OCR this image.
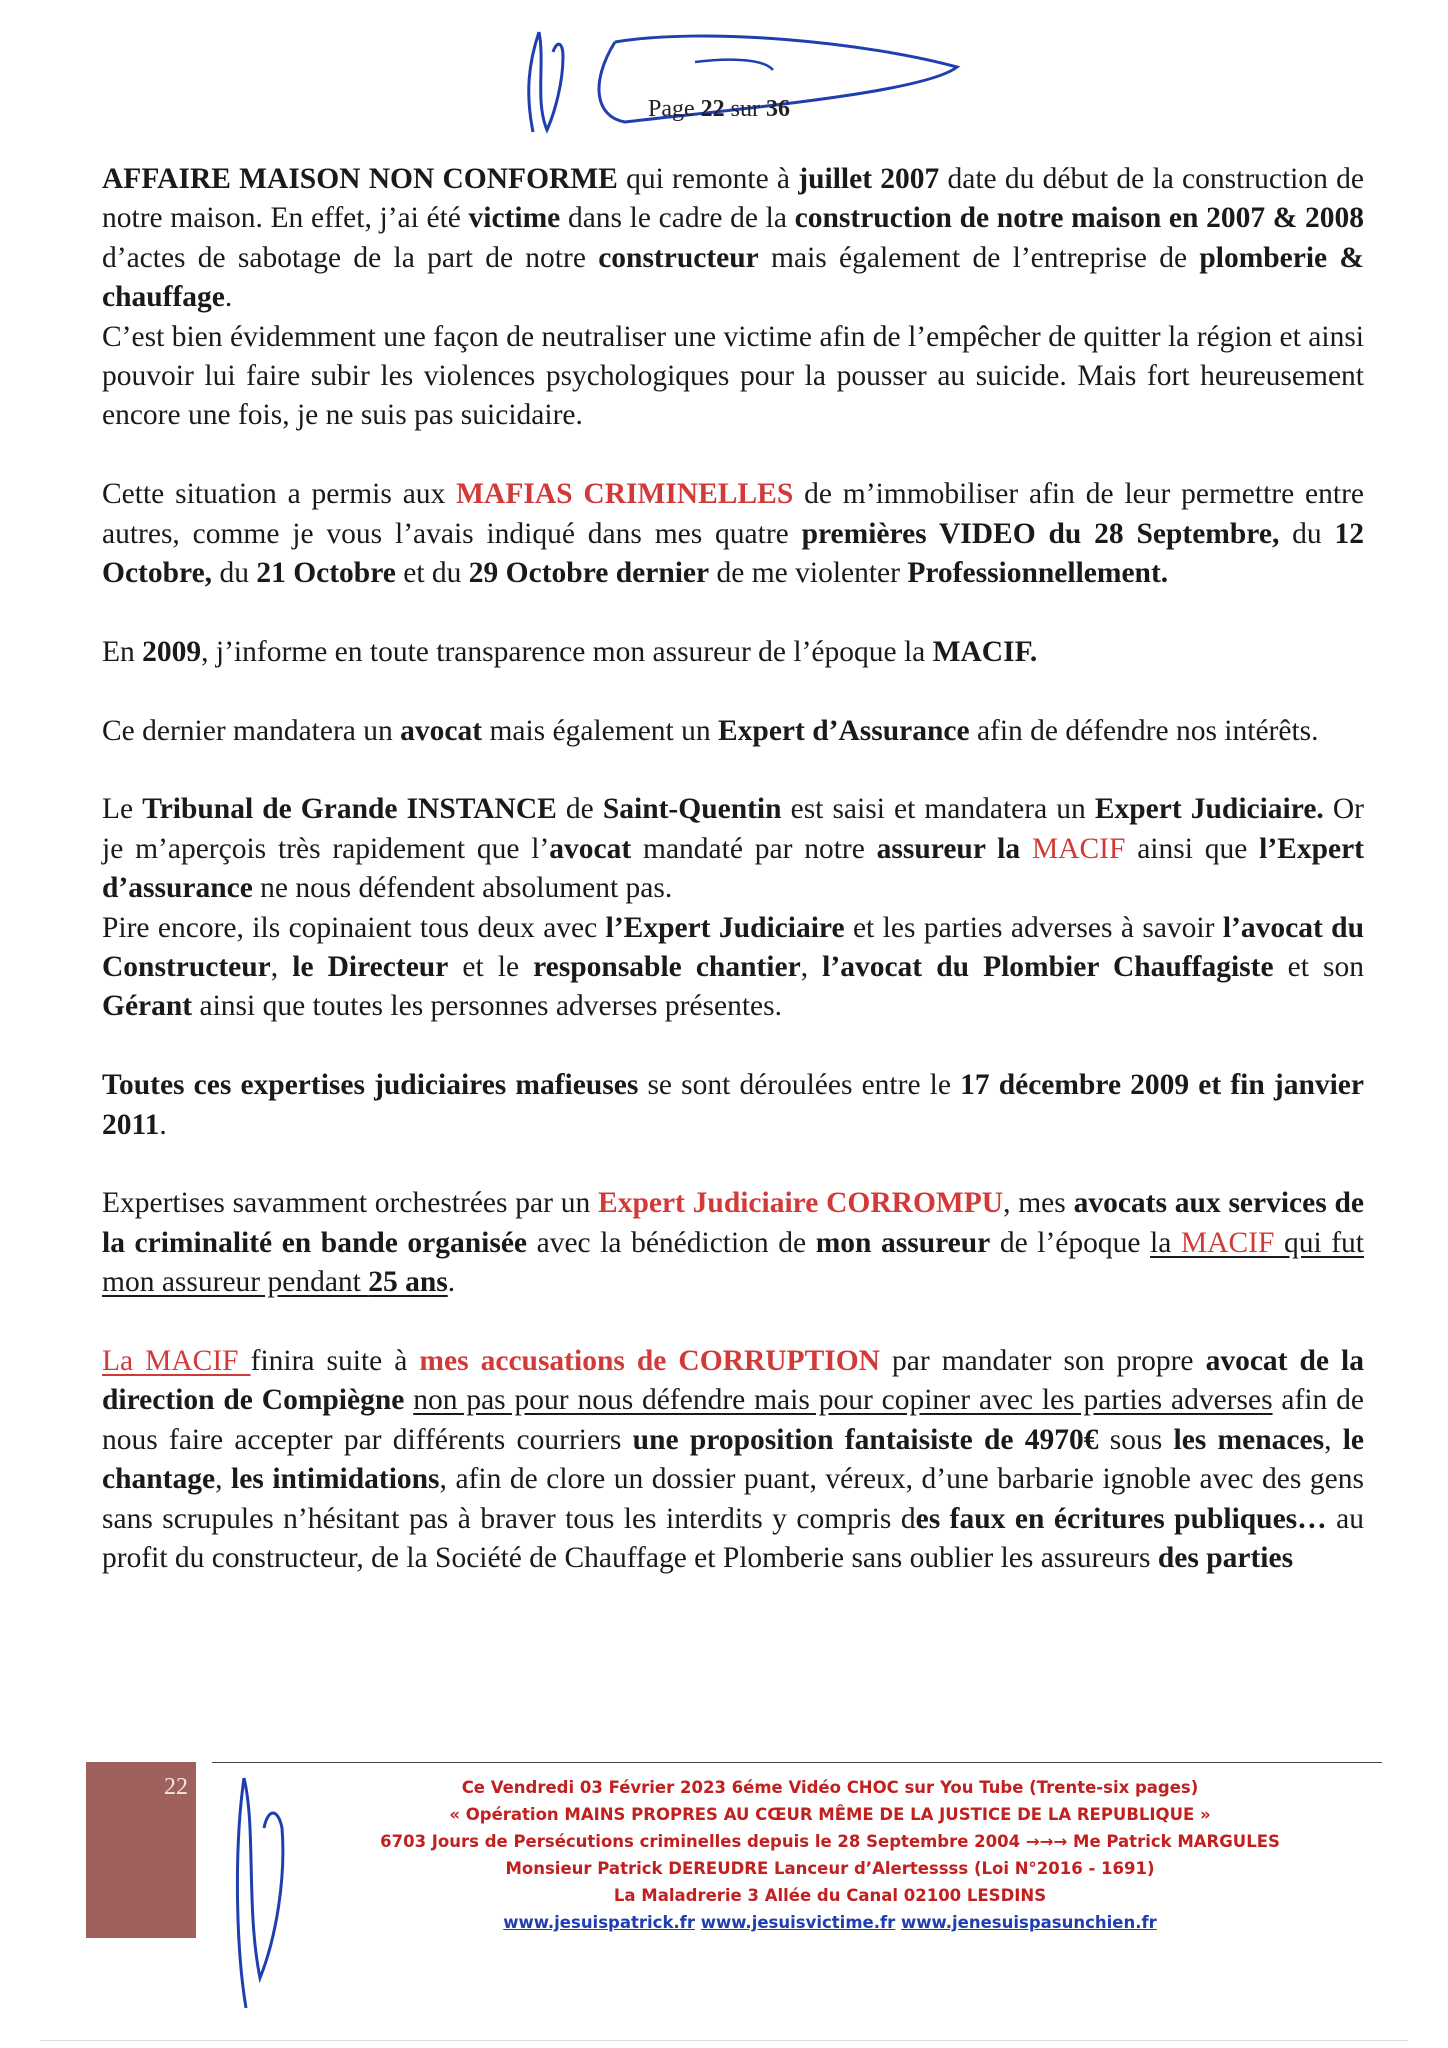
Page 22 sur 36

AFFAIRE MAISON NON CONFORME qui remonte à juillet 2007 date du début de la construction de notre maison. En effet, j’ai été victime dans le cadre de la construction de notre maison en 2007 & 2008 d’actes de sabotage de la part de notre constructeur mais également de l’entreprise de plomberie & chauffage.

C’est bien évidemment une façon de neutraliser une victime afin de l’empêcher de quitter la région et ainsi pouvoir lui faire subir les violences psychologiques pour la pousser au suicide. Mais fort heureusement encore une fois, je ne suis pas suicidaire.

Cette situation a permis aux MAFIAS CRIMINELLES de m’immobiliser afin de leur permettre entre autres, comme je vous l’avais indiqué dans mes quatre premières VIDEO du 28 Septembre, du 12 Octobre, du 21 Octobre et du 29 Octobre dernier de me violenter Professionnellement.

En 2009, j’informe en toute transparence mon assureur de l’époque la MACIF.

Ce dernier mandatera un avocat mais également un Expert d’Assurance afin de défendre nos intérêts.

Le Tribunal de Grande INSTANCE de Saint-Quentin est saisi et mandatera un Expert Judiciaire. Or je m’aperçois très rapidement que l’avocat mandaté par notre assureur la MACIF ainsi que l’Expert d’assurance ne nous défendent absolument pas.

Pire encore, ils copinaient tous deux avec l’Expert Judiciaire et les parties adverses à savoir l’avocat du Constructeur, le Directeur et le responsable chantier, l’avocat du Plombier Chauffagiste et son Gérant ainsi que toutes les personnes adverses présentes.

Toutes ces expertises judiciaires mafieuses se sont déroulées entre le 17 décembre 2009 et fin janvier 2011.

Expertises savamment orchestrées par un Expert Judiciaire CORROMPU, mes avocats aux services de la criminalité en bande organisée avec la bénédiction de mon assureur de l’époque la MACIF qui fut mon assureur pendant 25 ans.

La MACIF finira suite à mes accusations de CORRUPTION par mandater son propre avocat de la direction de Compiègne non pas pour nous défendre mais pour copiner avec les parties adverses afin de nous faire accepter par différents courriers une proposition fantaisiste de 4970€ sous les menaces, le chantage, les intimidations, afin de clore un dossier puant, véreux, d’une barbarie ignoble avec des gens sans scrupules n’hésitant pas à braver tous les interdits y compris des faux en écritures publiques… au profit du constructeur, de la Société de Chauffage et Plomberie sans oublier les assureurs des parties

22	Ce Vendredi 03 Février 2023 6éme Vidéo CHOC sur You Tube (Trente-six pages)
« Opération MAINS PROPRES AU CŒUR MÊME DE LA JUSTICE DE LA REPUBLIQUE »
6703 Jours de Persécutions criminelles depuis le 28 Septembre 2004 →→→ Me Patrick MARGULES
Monsieur Patrick DEREUDRE Lanceur d’Alertessss (Loi N°2016 - 1691)
La Maladrerie 3 Allée du Canal 02100 LESDINS
www.jesuispatrick.fr www.jesuisvictime.fr www.jenesuispasunchien.fr
